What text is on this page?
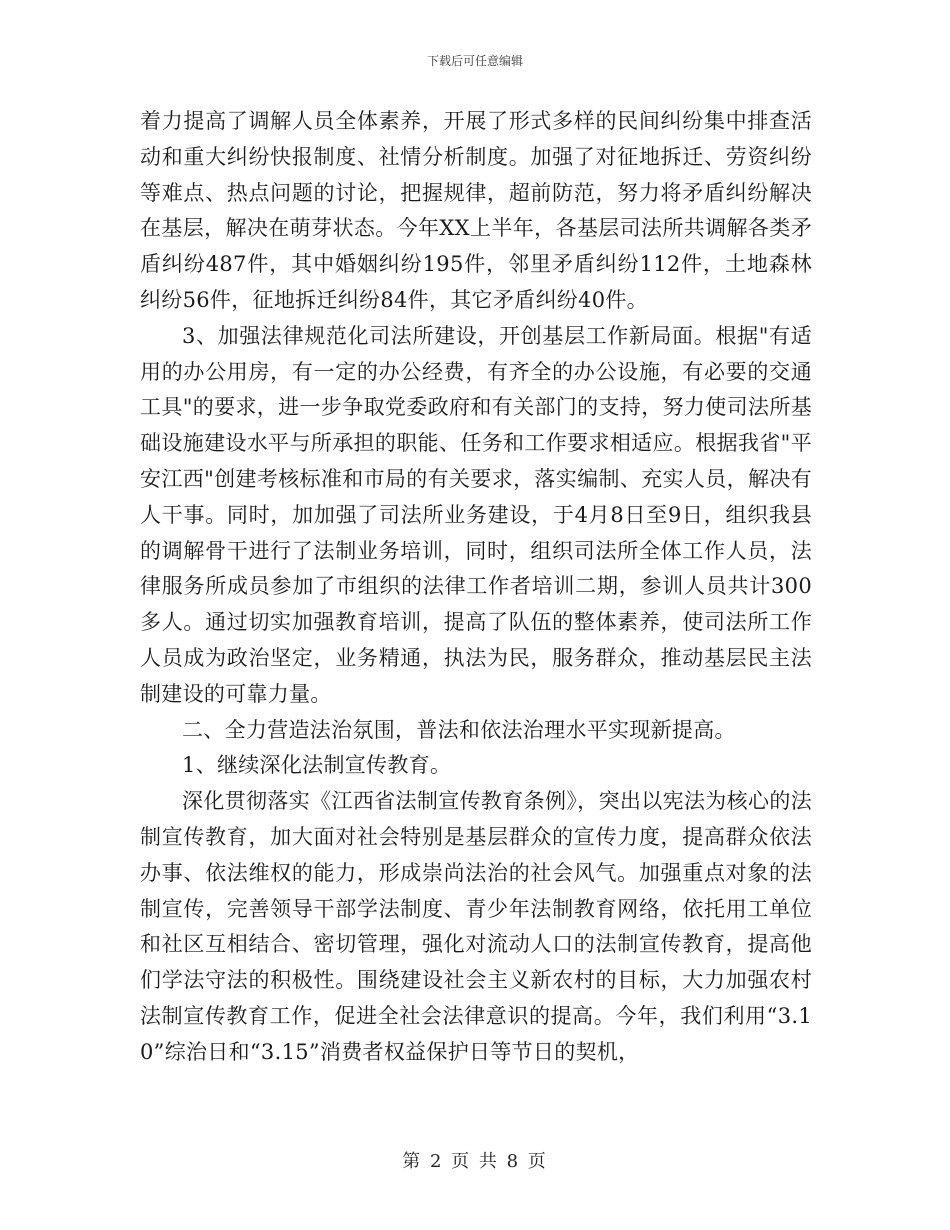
下载后可任意编辑

着力提高了调解人员全体素养，开展了形式多样的民间纠纷集中排查活动和重大纠纷快报制度、社情分析制度。加强了对征地拆迁、劳资纠纷等难点、热点问题的讨论，把握规律，超前防范，努力将矛盾纠纷解决在基层，解决在萌芽状态。今年XX上半年，各基层司法所共调解各类矛盾纠纷487件，其中婚姻纠纷195件，邻里矛盾纠纷112件，土地森林纠纷56件，征地拆迁纠纷84件，其它矛盾纠纷40件。

3、加强法律规范化司法所建设，开创基层工作新局面。根据"有适用的办公用房，有一定的办公经费，有齐全的办公设施，有必要的交通工具"的要求，进一步争取党委政府和有关部门的支持，努力使司法所基础设施建设水平与所承担的职能、任务和工作要求相适应。根据我省"平安江西"创建考核标准和市局的有关要求，落实编制、充实人员，解决有人干事。同时，加加强了司法所业务建设，于4月8日至9日，组织我县的调解骨干进行了法制业务培训，同时，组织司法所全体工作人员，法律服务所成员参加了市组织的法律工作者培训二期，参训人员共计300多人。通过切实加强教育培训，提高了队伍的整体素养，使司法所工作人员成为政治坚定，业务精通，执法为民，服务群众，推动基层民主法制建设的可靠力量。

二、全力营造法治氛围，普法和依法治理水平实现新提高。

1、继续深化法制宣传教育。

深化贯彻落实《江西省法制宣传教育条例》，突出以宪法为核心的法制宣传教育，加大面对社会特别是基层群众的宣传力度，提高群众依法办事、依法维权的能力，形成崇尚法治的社会风气。加强重点对象的法制宣传，完善领导干部学法制度、青少年法制教育网络，依托用工单位和社区互相结合、密切管理，强化对流动人口的法制宣传教育，提高他们学法守法的积极性。围绕建设社会主义新农村的目标，大力加强农村法制宣传教育工作，促进全社会法律意识的提高。今年，我们利用“3.10”综治日和“3.15”消费者权益保护日等节日的契机，

第 2 页 共 8 页
